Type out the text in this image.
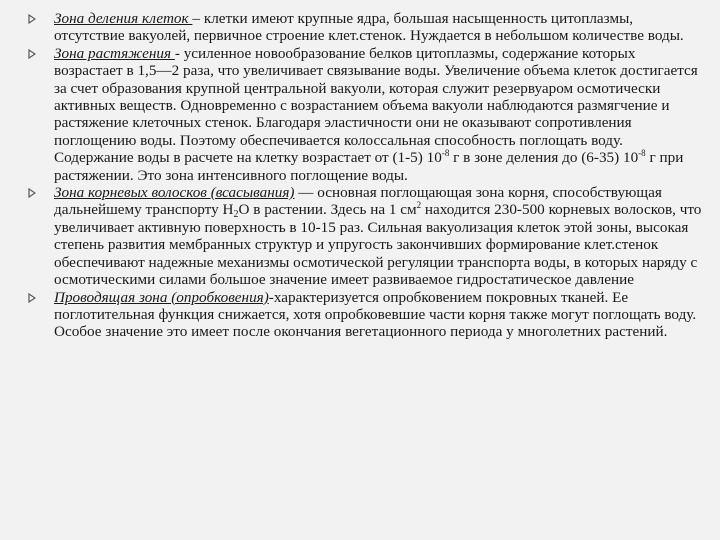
Зона деления клеток – клетки имеют крупные ядра, большая насыщенность цитоплазмы, отсутствие вакуолей, первичное строение клет.стенок. Нуждается в небольшом количестве воды.
Зона растяжения - усиленное новообразование белков цитоплазмы, содержание которых возрастает в 1,5—2 раза, что увеличивает связывание воды. Увеличение объема клеток достигается за счет образования крупной центральной вакуоли, которая служит резервуаром осмотически активных веществ. Одновременно с возрастанием объема вакуоли наблюдаются размягчение и растяжение клеточных стенок. Благодаря эластичности они не оказывают сопротивления поглощению воды. Поэтому обеспечивается колоссальная способность поглощать воду. Содержание воды в расчете на клетку возрастает от (1-5) $10^{-8}$ г в зоне деления до (6-35) $10^{-8}$ г при растяжении. Это зона интенсивного поглощение воды.
Зона корневых волосков (всасывания) — основная поглощающая зона корня, способствующая дальнейшему транспорту $Н_2О$ в растении. Здесь на 1 $см^2$ находится 230-500 корневых волосков, что увеличивает активную поверхность в 10-15 раз. Сильная вакуолизация клеток этой зоны, высокая степень развития мембранных структур и упругость закончивших формирование клет.стенок обеспечивают надежные механизмы осмотической регуляции транспорта воды, в которых наряду с осмотическими силами большое значение имеет развиваемое гидростатическое давление
Проводящая зона (опробковения)-характеризуется опробковением покровных тканей. Ее поглотительная функция снижается, хотя опробковевшие части корня также могут поглощать воду. Особое значение это имеет после окончания вегетационного периода у многолетних растений.
